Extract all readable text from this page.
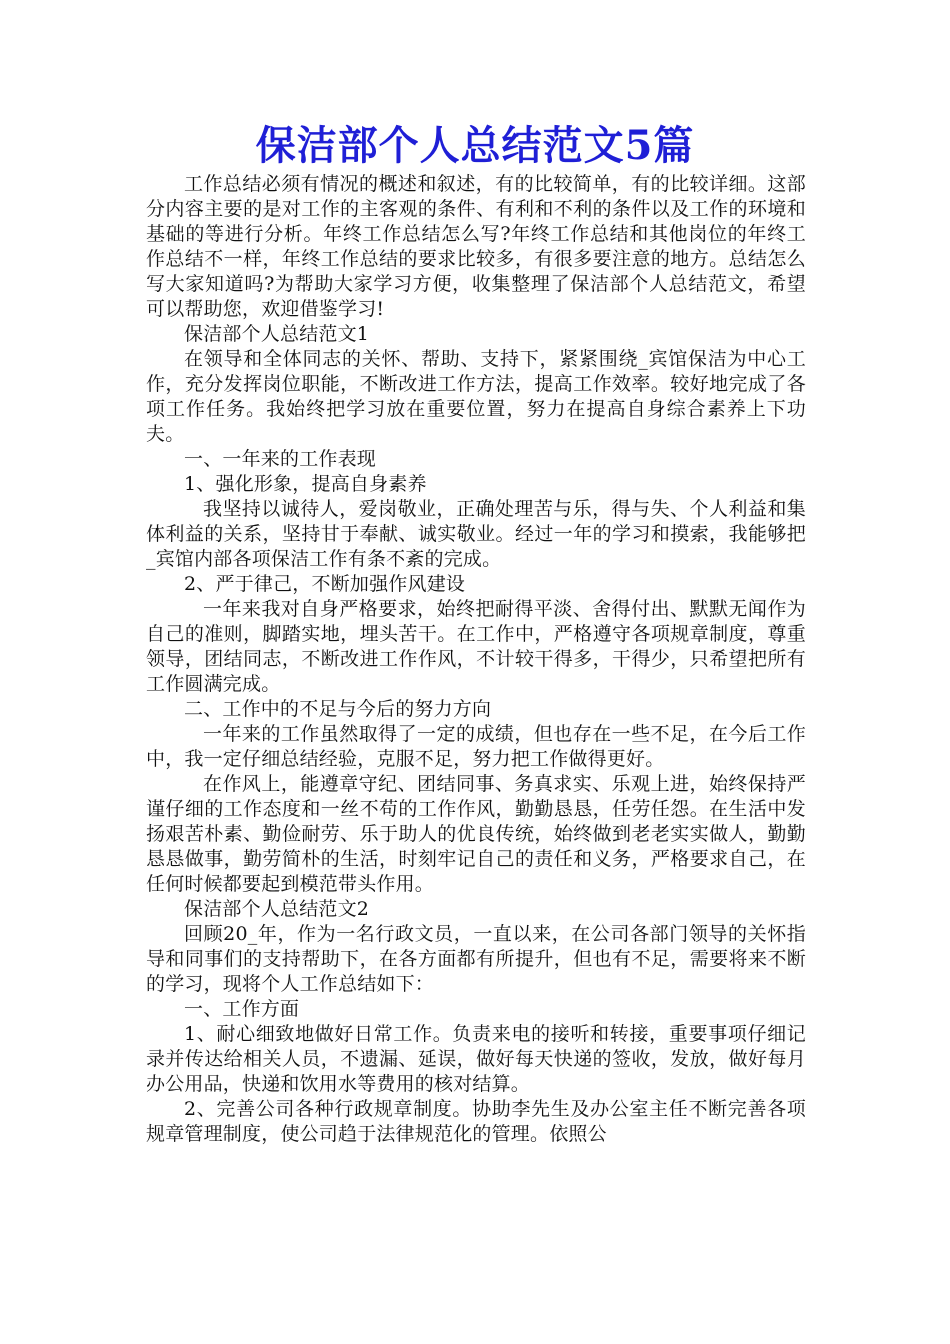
保洁部个人总结范文5篇

工作总结必须有情况的概述和叙述，有的比较简单，有的比较详细。这部分内容主要的是对工作的主客观的条件、有利和不利的条件以及工作的环境和基础的等进行分析。年终工作总结怎么写?年终工作总结和其他岗位的年终工作总结不一样，年终工作总结的要求比较多，有很多要注意的地方。总结怎么写大家知道吗?为帮助大家学习方便，收集整理了保洁部个人总结范文，希望可以帮助您，欢迎借鉴学习!

保洁部个人总结范文1

在领导和全体同志的关怀、帮助、支持下，紧紧围绕_宾馆保洁为中心工作，充分发挥岗位职能，不断改进工作方法，提高工作效率。较好地完成了各项工作任务。我始终把学习放在重要位置，努力在提高自身综合素养上下功夫。

一、一年来的工作表现

1、强化形象，提高自身素养

我坚持以诚待人，爱岗敬业，正确处理苦与乐，得与失、个人利益和集体利益的关系，坚持甘于奉献、诚实敬业。经过一年的学习和摸索，我能够把_宾馆内部各项保洁工作有条不紊的完成。

2、严于律己，不断加强作风建设

一年来我对自身严格要求，始终把耐得平淡、舍得付出、默默无闻作为自己的准则，脚踏实地，埋头苦干。在工作中，严格遵守各项规章制度，尊重领导，团结同志，不断改进工作作风，不计较干得多，干得少，只希望把所有工作圆满完成。

二、工作中的不足与今后的努力方向

一年来的工作虽然取得了一定的成绩，但也存在一些不足，在今后工作中，我一定仔细总结经验，克服不足，努力把工作做得更好。

在作风上，能遵章守纪、团结同事、务真求实、乐观上进，始终保持严谨仔细的工作态度和一丝不苟的工作作风，勤勤恳恳，任劳任怨。在生活中发扬艰苦朴素、勤俭耐劳、乐于助人的优良传统，始终做到老老实实做人，勤勤恳恳做事，勤劳简朴的生活，时刻牢记自己的责任和义务，严格要求自己，在任何时候都要起到模范带头作用。

保洁部个人总结范文2

回顾20_年，作为一名行政文员，一直以来，在公司各部门领导的关怀指导和同事们的支持帮助下，在各方面都有所提升，但也有不足，需要将来不断的学习，现将个人工作总结如下：

一、工作方面

1、耐心细致地做好日常工作。负责来电的接听和转接，重要事项仔细记录并传达给相关人员，不遗漏、延误，做好每天快递的签收，发放，做好每月办公用品，快递和饮用水等费用的核对结算。

2、完善公司各种行政规章制度。协助李先生及办公室主任不断完善各项规章管理制度，使公司趋于法律规范化的管理。依照公
